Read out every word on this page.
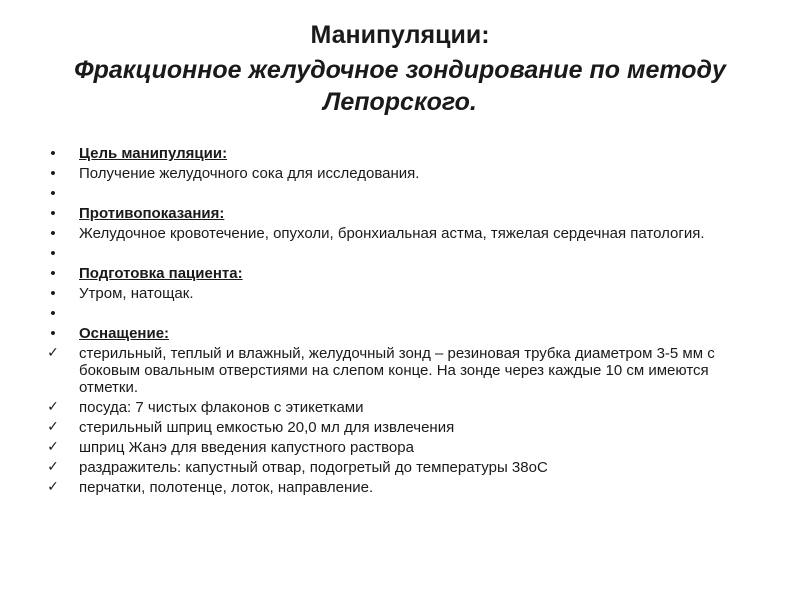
Манипуляции:

Фракционное желудочное зондирование по методу Лепорского.

• Цель манипуляции:
• Получение желудочного сока для исследования.
•
• Противопоказания:
• Желудочное кровотечение, опухоли, бронхиальная астма, тяжелая сердечная патология.
•
• Подготовка пациента:
• Утром, натощак.
•
• Оснащение:
✓ стерильный, теплый и влажный, желудочный зонд – резиновая трубка диаметром 3-5 мм с боковым овальным отверстиями на слепом конце. На зонде через каждые 10 см имеются отметки.
✓ посуда: 7 чистых флаконов с этикетками
✓ стерильный шприц емкостью 20,0 мл для извлечения
✓ шприц Жанэ для введения капустного раствора
✓ раздражитель: капустный отвар, подогретый до температуры 38оС
✓ перчатки, полотенце, лоток, направление.
